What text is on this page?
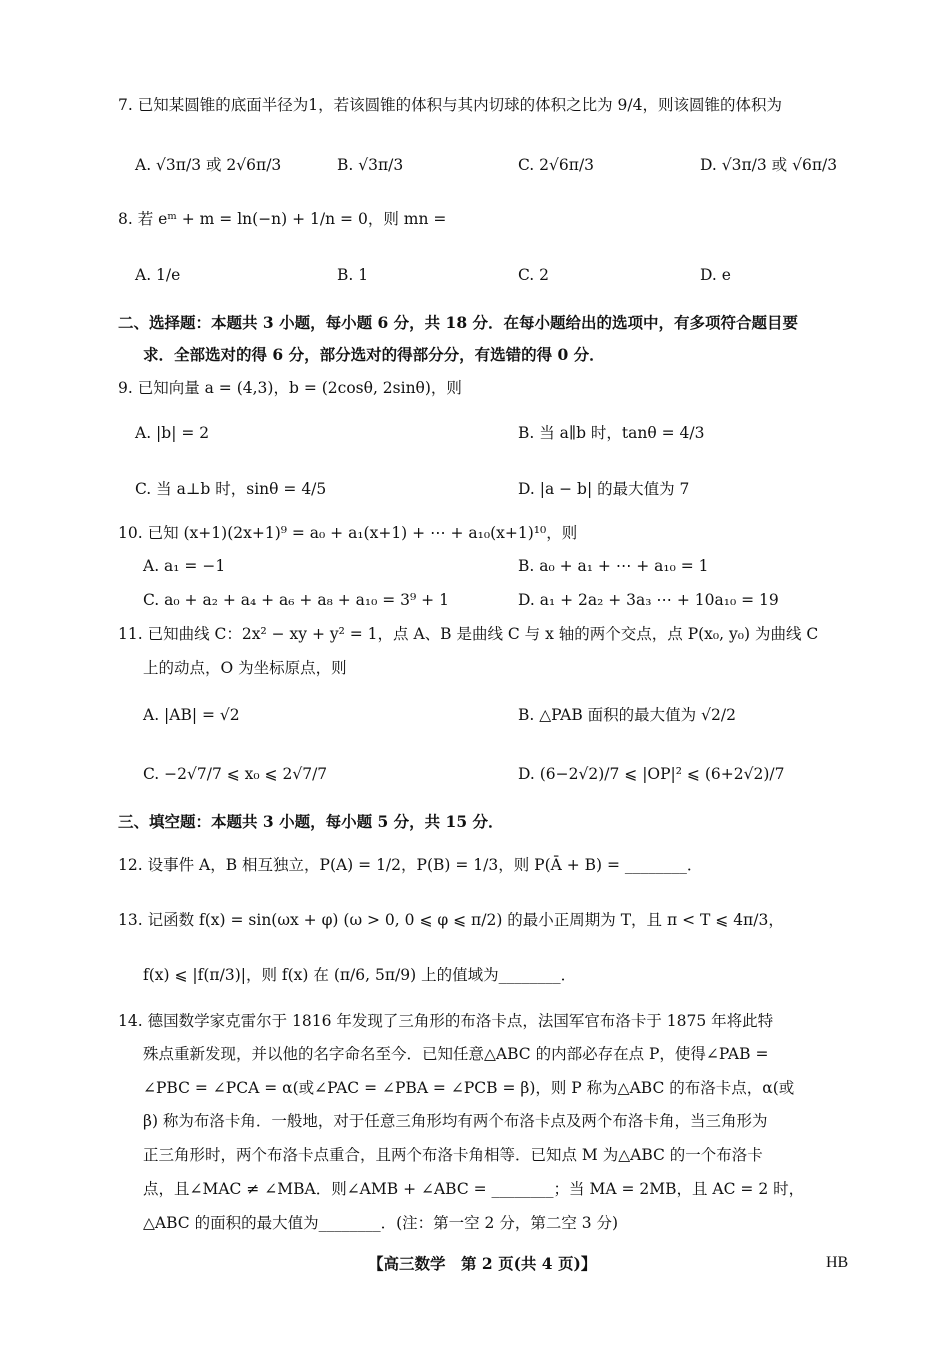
7. 已知某圆锥的底面半径为1，若该圆锥的体积与其内切球的体积之比为 9/4，则该圆锥的体积为
A. √3π/3 或 2√6π/3	B. √3π/3	C. 2√6π/3	D. √3π/3 或 √6π/3
8. 若 eᵐ + m = ln(−n) + 1/n = 0，则 mn =
A. 1/e	B. 1	C. 2	D. e
二、选择题：本题共 3 小题，每小题 6 分，共 18 分．在每小题给出的选项中，有多项符合题目要
求．全部选对的得 6 分，部分选对的得部分分，有选错的得 0 分．
9. 已知向量 a = (4,3)，b = (2cosθ, 2sinθ)，则
A. |b| = 2	B. 当 a∥b 时，tanθ = 4/3
C. 当 a⊥b 时，sinθ = 4/5	D. |a − b| 的最大值为 7
10. 已知 (x+1)(2x+1)⁹ = a₀ + a₁(x+1) + ⋯ + a₁₀(x+1)¹⁰，则
A. a₁ = −1	B. a₀ + a₁ + ⋯ + a₁₀ = 1
C. a₀ + a₂ + a₄ + a₆ + a₈ + a₁₀ = 3⁹ + 1	D. a₁ + 2a₂ + 3a₃ ⋯ + 10a₁₀ = 19
11. 已知曲线 C：2x² − xy + y² = 1，点 A、B 是曲线 C 与 x 轴的两个交点，点 P(x₀, y₀) 为曲线 C
上的动点，O 为坐标原点，则
A. |AB| = √2	B. △PAB 面积的最大值为 √2/2
C. −2√7/7 ⩽ x₀ ⩽ 2√7/7	D. (6−2√2)/7 ⩽ |OP|² ⩽ (6+2√2)/7
三、填空题：本题共 3 小题，每小题 5 分，共 15 分．
12. 设事件 A，B 相互独立，P(A) = 1/2，P(B) = 1/3，则 P(Ā + B) = ________．
13. 记函数 f(x) = sin(ωx + φ) (ω > 0, 0 ⩽ φ ⩽ π/2) 的最小正周期为 T，且 π < T ⩽ 4π/3，
f(x) ⩽ |f(π/3)|，则 f(x) 在 (π/6, 5π/9) 上的值域为________．
14. 德国数学家克雷尔于 1816 年发现了三角形的布洛卡点，法国军官布洛卡于 1875 年将此特
殊点重新发现，并以他的名字命名至今．已知任意△ABC 的内部必存在点 P，使得∠PAB =
∠PBC = ∠PCA = α(或∠PAC = ∠PBA = ∠PCB = β)，则 P 称为△ABC 的布洛卡点，α(或
β) 称为布洛卡角．一般地，对于任意三角形均有两个布洛卡点及两个布洛卡角，当三角形为
正三角形时，两个布洛卡点重合，且两个布洛卡角相等．已知点 M 为△ABC 的一个布洛卡
点，且∠MAC ≠ ∠MBA．则∠AMB + ∠ABC = ________；当 MA = 2MB，且 AC = 2 时，
△ABC 的面积的最大值为________．(注：第一空 2 分，第二空 3 分)
【高三数学　第 2 页(共 4 页)】	HB
